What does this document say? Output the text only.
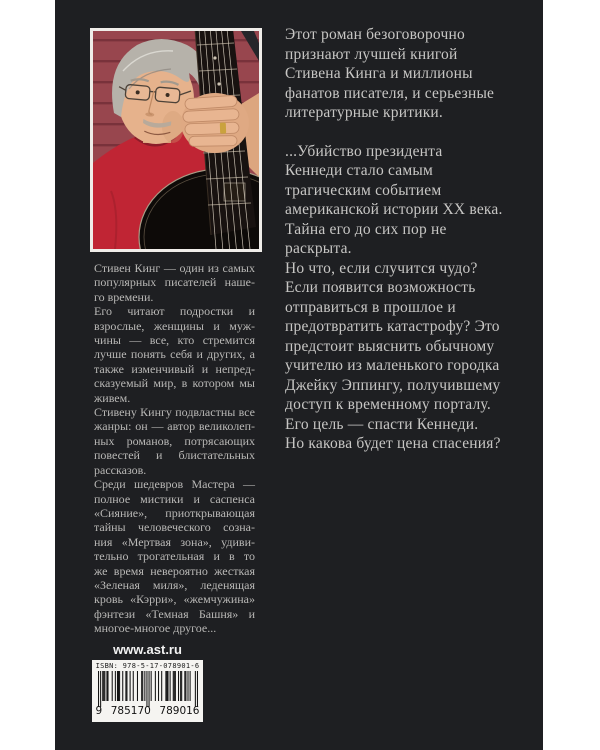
Этот роман безоговорочно
признают лучшей книгой
Стивена Кинга и миллионы
фанатов писателя, и серьезные
литературные критики.
...Убийство президента
Кеннеди стало самым
трагическим событием
американской истории XX века.
Тайна его до сих пор не
раскрыта.
Но что, если случится чудо?
Если появится возможность
отправиться в прошлое и
предотвратить катастрофу? Это
предстоит выяснить обычному
учителю из маленького городка
Джейку Эппингу, получившему
доступ к временному порталу.
Его цель — спасти Кеннеди.
Но какова будет цена спасения?
Стивен Кинг — один из самых
популярных писателей наше-
го времени.
Его читают подростки и
взрослые, женщины и муж-
чины — все, кто стремится
лучше понять себя и других, а
также изменчивый и непред-
сказуемый мир, в котором мы
живем.
Стивену Кингу подвластны все
жанры: он — автор великолеп-
ных романов, потрясающих
повестей и блистательных
рассказов.
Среди шедевров Мастера —
полное мистики и саспенса
«Сияние», приоткрывающая
тайны человеческого созна-
ния «Мертвая зона», удиви-
тельно трогательная и в то
же время невероятно жесткая
«Зеленая миля», леденящая
кровь «Кэрри», «жемчужина»
фэнтези «Темная Башня» и
многое-многое другое...
www.ast.ru
ISBN: 978-5-17-078901-6
9 785170 789016
